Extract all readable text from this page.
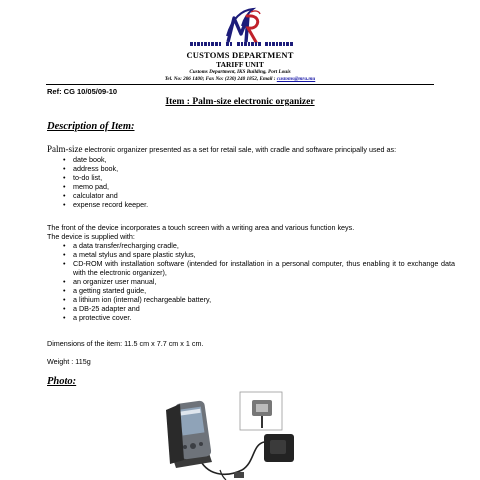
CUSTOMS DEPARTMENT
TARIFF UNIT
Customs Department, IKS Building, Port Louis
Tel. No: 206 1400; Fax No: (230) 240 1852, Email : customs@mra.mu
Ref: CG 10/05/09-10
Item : Palm-size electronic organizer
Description of Item:
Palm-size electronic organizer presented as a set for retail sale, with cradle and software principally used as:
• date book,
• address book,
• to-do list,
• memo pad,
• calculator and
• expense record keeper.
The front of the device incorporates a touch screen with a writing area and various function keys.
The device is supplied with:
• a data transfer/recharging cradle,
• a metal stylus and spare plastic stylus,
• CD-ROM with installation software (intended for installation in a personal computer, thus enabling it to exchange data with the electronic organizer),
• an organizer user manual,
• a getting started guide,
• a lithium ion (internal) rechargeable battery,
• a DB-25 adapter and
• a protective cover.
Dimensions of the item: 11.5 cm x 7.7 cm x 1 cm.
Weight : 115g
Photo:
